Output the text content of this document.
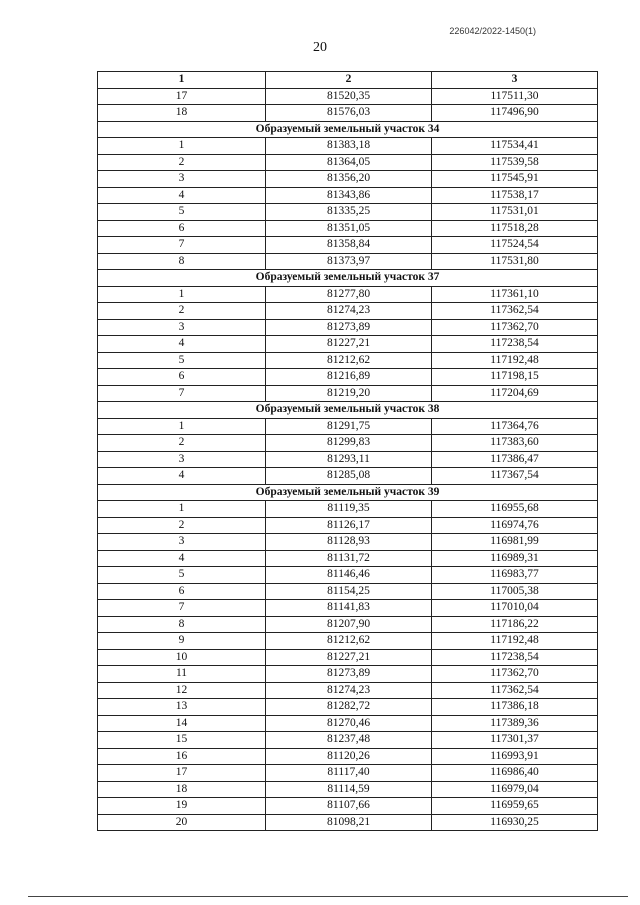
226042/2022-1450(1)
20
1	2	3
17	81520,35	117511,30
18	81576,03	117496,90
Образуемый земельный участок 34		
1	81383,18	117534,41
2	81364,05	117539,58
3	81356,20	117545,91
4	81343,86	117538,17
5	81335,25	117531,01
6	81351,05	117518,28
7	81358,84	117524,54
8	81373,97	117531,80
Образуемый земельный участок 37		
1	81277,80	117361,10
2	81274,23	117362,54
3	81273,89	117362,70
4	81227,21	117238,54
5	81212,62	117192,48
6	81216,89	117198,15
7	81219,20	117204,69
Образуемый земельный участок 38		
1	81291,75	117364,76
2	81299,83	117383,60
3	81293,11	117386,47
4	81285,08	117367,54
Образуемый земельный участок 39		
1	81119,35	116955,68
2	81126,17	116974,76
3	81128,93	116981,99
4	81131,72	116989,31
5	81146,46	116983,77
6	81154,25	117005,38
7	81141,83	117010,04
8	81207,90	117186,22
9	81212,62	117192,48
10	81227,21	117238,54
11	81273,89	117362,70
12	81274,23	117362,54
13	81282,72	117386,18
14	81270,46	117389,36
15	81237,48	117301,37
16	81120,26	116993,91
17	81117,40	116986,40
18	81114,59	116979,04
19	81107,66	116959,65
20	81098,21	116930,25
